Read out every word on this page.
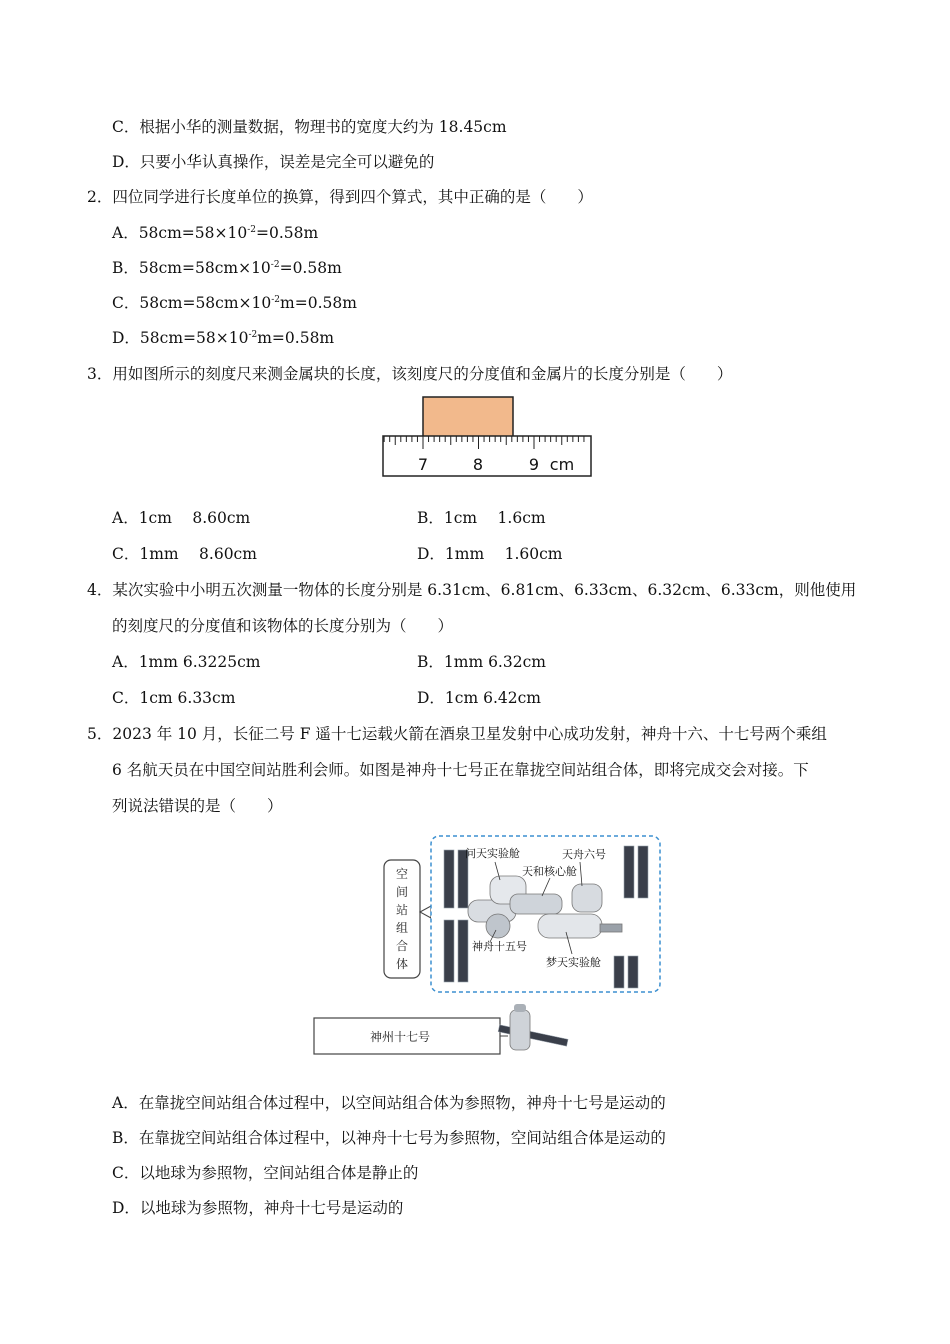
C．根据小华的测量数据，物理书的宽度大约为 18.45cm
D．只要小华认真操作，误差是完全可以避免的
2．四位同学进行长度单位的换算，得到四个算式，其中正确的是（　　）
A．$58cm=58\times 10^{-2}=0.58m$
B．$58cm=58cm\times 10^{-2}=0.58m$
C．$58cm=58cm\times 10^{-2}m=0.58m$
D．$58cm=58\times 10^{-2}m=0.58m$
3．用如图所示的刻度尺来测金属块的长度，该刻度尺的分度值和金属片的长度分别是（　　）
7	8	9 cm
A．1cm　 8.60cm	B．1cm　 1.6cm
C．1mm　 8.60cm	D．1mm　 1.60cm
4．某次实验中小明五次测量一物体的长度分别是 6.31cm、6.81cm、6.33cm、6.32cm、6.33cm，则他使用
的刻度尺的分度值和该物体的长度分别为（　　）
A．1mm 6.3225cm	B．1mm 6.32cm
C．1cm 6.33cm	D．1cm 6.42cm
5．2023 年 10 月，长征二号 F 遥十七运载火箭在酒泉卫星发射中心成功发射，神舟十六、十七号两个乘组
6 名航天员在中国空间站胜利会师。如图是神舟十七号正在靠拢空间站组合体，即将完成交会对接。下
列说法错误的是（　　）
空
间
站
组
合
体
问天实验舱	天舟六号
天和核心舱
神舟十五号
梦天实验舱
神州十七号
A．在靠拢空间站组合体过程中，以空间站组合体为参照物，神舟十七号是运动的
B．在靠拢空间站组合体过程中，以神舟十七号为参照物，空间站组合体是运动的
C．以地球为参照物，空间站组合体是静止的
D．以地球为参照物，神舟十七号是运动的
